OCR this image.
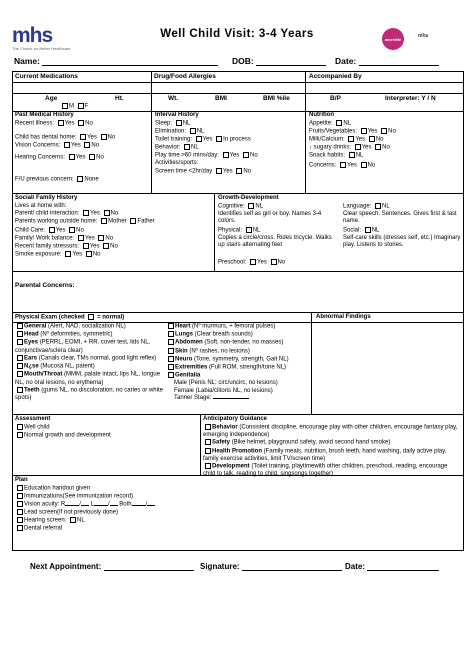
mhs
The Choice for Better Healthcare
Well Child Visit: 3-4 Years	amerilife	mhs
Name:	DOB:	Date:
Current Medications	Drug/Food Allergies	Accompanied By
Age	Ht.
M F
Wt.	BMI	BMI %ile	B/P	Interpreter: Y / N
Past Medical History
Recent illness: Yes No
Child has dental home: Yes No
Vision Concerns: Yes No
Hearing Concerns: Yes No
F/U previous concern: None
Interval History
Sleep: NL
Elimination: NL
Toilet training: Yes In process
Behavior: NL
Play time >60 mins/day: Yes No
Activities/sports:
Screen time <2hr/day Yes No
Nutrition
Appetite: NL
Fruits/Vegetables: Yes No
Milk/Calcium: Yes No
↓ sugary drinks: Yes No
Snack habits: NL
Concerns: Yes No
Social/ Family History
Lives at home with:
Parent/ child interaction: Yes No
Parents working outside home: Mother Father
Child Care: Yes No
Family/ Work balance: Yes No
Recent family stressors: Yes No
Smoke exposure: Yes No
Growth-Development
Cognitive: NL	Language: NL
Identifies self as girl or boy. Names 3-4 colors.
Clear speech. Sentences. Gives first & last name.
Physical: NL	Social: NL
Copies a circle/cross. Rides tricycle. Walks up stairs alternating feet
Self-care skills (dresses self, etc.) Imaginary play. Listens to stories.
Preschool: Yes No
Parental Concerns:
Physical Exam (checked = normal)	Abnormal Findings
General (Alert, NAD, socialization NL)
Head (Nº deformities, symmetric)
Eyes (PERRL, EOMI, + RR, cover test, lids NL, conjunctivae/sclera clear)
Ears (Canals clear, TMs normal, good light reflex)
N¿se (Mucosa NL, patent)
Mouth/Throat (MMM, palate intact, lips NL, tongue NL, no oral lesions, no erythema)
Teeth (gums NL, no discoloration, no caries or white spots)
Heart (Nº murmurs, + femoral pulses)
Lungs (Clear breath sounds)
Abdomen (Soft, non-tender, no masses)
Skin (Nº rashes, no lesions)
Neuro (Tone, symmetry, strength, Gait NL)
Extremities (Full ROM, strength/tone NL)
Genitalia
Male (Penis NL: circ/uncirc, no lesions)
Female (Labia/clitoris NL, no lesions)
Tanner Stage:
Assessment
Well child
Normal growth and development
Anticipatory Guidance
Behavior (Consistent discipline, encourage play with other children, encourage fantasy play, emerging independence)
Safety (Bike helmet, playground safety, avoid second hand smoke)
Health Promotion (Family meals, nutrition, brush teeth, hand washing, daily active play, family exercise activities, limit TV/screen time)
Development (Toilet training, playtimewith other children, preschool, reading, encourage child to talk, reading to child, singsongs together)
Plan
Education handout given
Immunizations(See immunization record)
Vision acuity: R / L / Both /
Lead screen(If not previously done)
Hearing screen: NL
Dental referral
Next Appointment:	Signature:	Date:
